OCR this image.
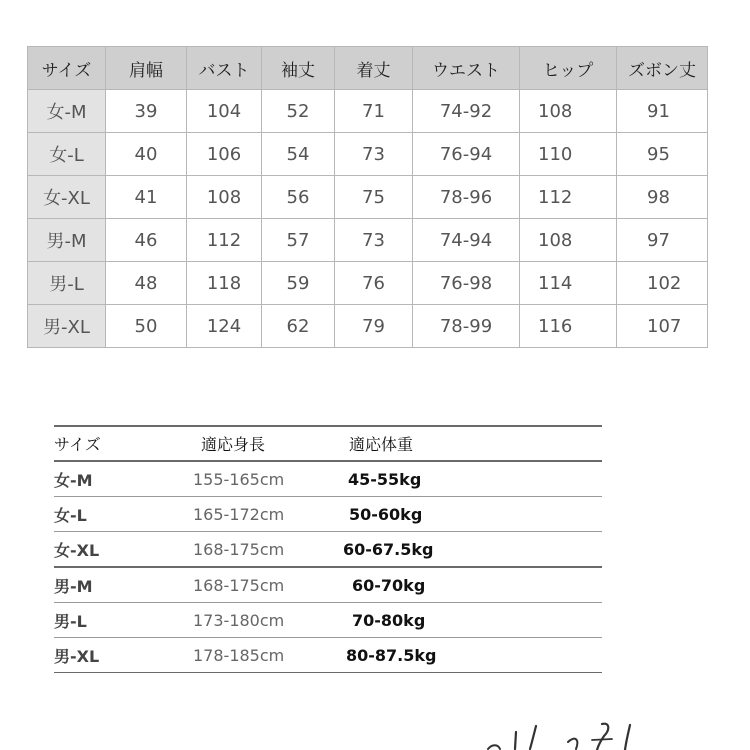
サイズ	肩幅	バスト	袖丈	着丈	ウエスト	ヒップ	ズボン丈
女-M	39	104	52	71	74-92	108	91
女-L	40	106	54	73	76-94	110	95
女-XL	41	108	56	75	78-96	112	98
男-M	46	112	57	73	74-94	108	97
男-L	48	118	59	76	76-98	114	102
男-XL	50	124	62	79	78-99	116	107
サイズ	適応身長	適応体重
女-M	155-165cm	45-55kg
女-L	165-172cm	50-60kg
女-XL	168-175cm	60-67.5kg
男-M	168-175cm	60-70kg
男-L	173-180cm	70-80kg
男-XL	178-185cm	80-87.5kg
